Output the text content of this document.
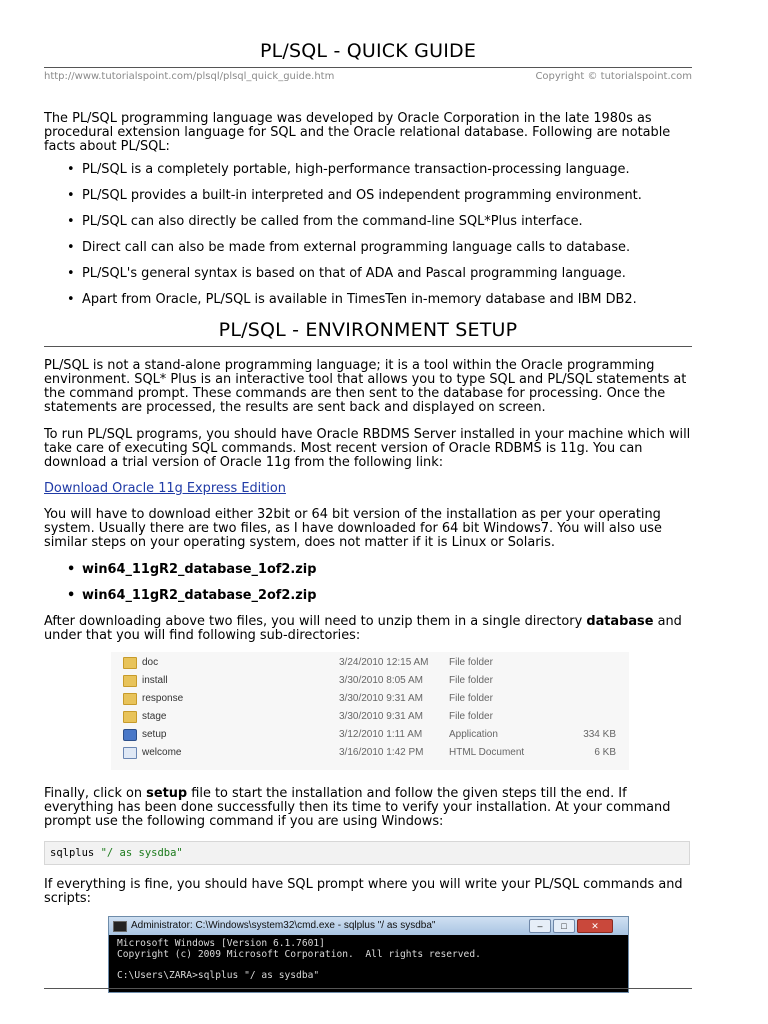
PL/SQL - QUICK GUIDE
http://www.tutorialspoint.com/plsql/plsql_quick_guide.htm	Copyright © tutorialspoint.com

The PL/SQL programming language was developed by Oracle Corporation in the late 1980s as procedural extension language for SQL and the Oracle relational database. Following are notable facts about PL/SQL:

• PL/SQL is a completely portable, high-performance transaction-processing language.
• PL/SQL provides a built-in interpreted and OS independent programming environment.
• PL/SQL can also directly be called from the command-line SQL*Plus interface.
• Direct call can also be made from external programming language calls to database.
• PL/SQL's general syntax is based on that of ADA and Pascal programming language.
• Apart from Oracle, PL/SQL is available in TimesTen in-memory database and IBM DB2.
PL/SQL - ENVIRONMENT SETUP

PL/SQL is not a stand-alone programming language; it is a tool within the Oracle programming environment. SQL* Plus is an interactive tool that allows you to type SQL and PL/SQL statements at the command prompt. These commands are then sent to the database for processing. Once the statements are processed, the results are sent back and displayed on screen.

To run PL/SQL programs, you should have Oracle RBDMS Server installed in your machine which will take care of executing SQL commands. Most recent version of Oracle RDBMS is 11g. You can download a trial version of Oracle 11g from the following link:

Download Oracle 11g Express Edition

You will have to download either 32bit or 64 bit version of the installation as per your operating system. Usually there are two files, as I have downloaded for 64 bit Windows7. You will also use similar steps on your operating system, does not matter if it is Linux or Solaris.

• win64_11gR2_database_1of2.zip
• win64_11gR2_database_2of2.zip

After downloading above two files, you will need to unzip them in a single directory database and under that you will find following sub-directories:

doc	3/24/2010 12:15 AM File folder
install	3/30/2010 8:05 AM	File folder
response	3/30/2010 9:31 AM	File folder
stage	3/30/2010 9:31 AM	File folder
setup	3/12/2010 1:11 AM	Application	334 KB
welcome	3/16/2010 1:42 PM	HTML Document	6 KB

Finally, click on setup file to start the installation and follow the given steps till the end. If everything has been done successfully then its time to verify your installation. At your command prompt use the following command if you are using Windows:

sqlplus "/ as sysdba"

If everything is fine, you should have SQL prompt where you will write your PL/SQL commands and scripts:

Administrator: C:\Windows\system32\cmd.exe - sqlplus "/ as sysdba"	–	□	✕
Microsoft Windows [Version 6.1.7601]
Copyright (c) 2009 Microsoft Corporation.  All rights reserved.

C:\Users\ZARA>sqlplus "/ as sysdba"
